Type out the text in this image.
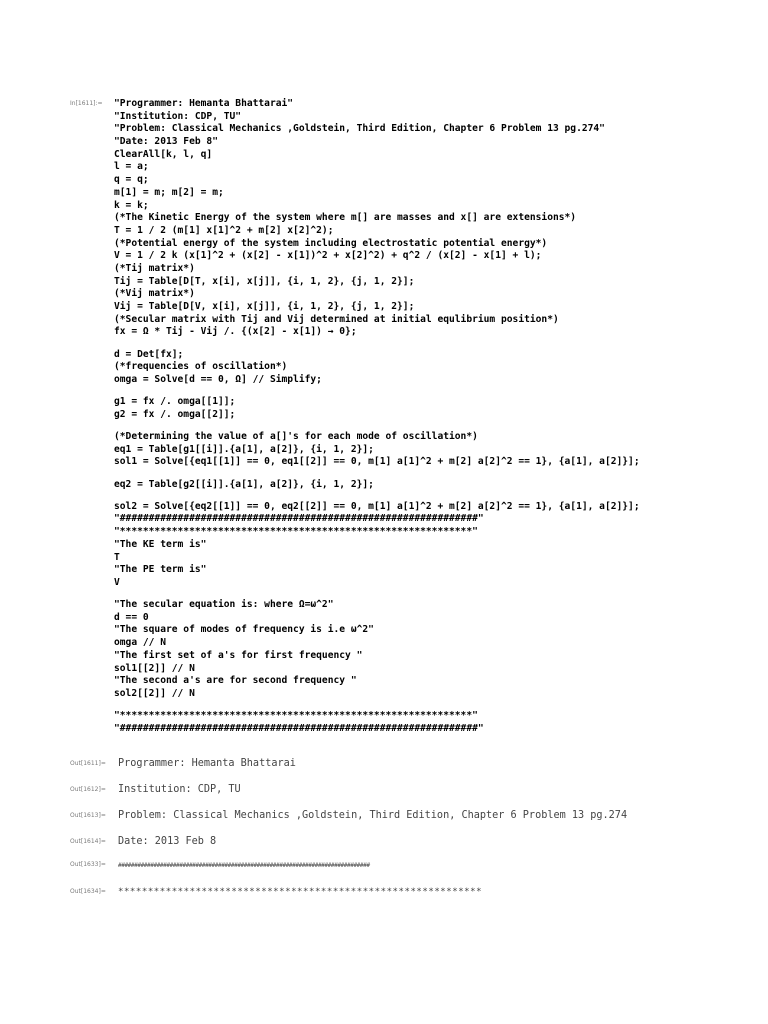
In[1611]:=	"Programmer: Hemanta Bhattarai"
"Institution: CDP, TU"
"Problem: Classical Mechanics ,Goldstein, Third Edition, Chapter 6 Problem 13 pg.274"
"Date: 2013 Feb 8"
ClearAll[k, l, q]
l = a;
q = q;
m[1] = m; m[2] = m;
k = k;
(*The Kinetic Energy of the system where m[] are masses and x[] are extensions*)
T = 1 / 2 (m[1] x[1]^2 + m[2] x[2]^2);
(*Potential energy of the system including electrostatic potential energy*)
V = 1 / 2 k (x[1]^2 + (x[2] - x[1])^2 + x[2]^2) + q^2 / (x[2] - x[1] + l);
(*Tij matrix*)
Tij = Table[D[T, x[i], x[j]], {i, 1, 2}, {j, 1, 2}];
(*Vij matrix*)
Vij = Table[D[V, x[i], x[j]], {i, 1, 2}, {j, 1, 2}];
(*Secular matrix with Tij and Vij determined at initial equlibrium position*)
fx = Ω * Tij - Vij /. {(x[2] - x[1]) → 0};
d = Det[fx];
(*frequencies of oscillation*)
omga = Solve[d == 0, Ω] // Simplify;
g1 = fx /. omga[[1]];
g2 = fx /. omga[[2]];
(*Determining the value of a[]'s for each mode of oscillation*)
eq1 = Table[g1[[i]].{a[1], a[2]}, {i, 1, 2}];
sol1 = Solve[{eq1[[1]] == 0, eq1[[2]] == 0, m[1] a[1]^2 + m[2] a[2]^2 == 1}, {a[1], a[2]}];
eq2 = Table[g2[[i]].{a[1], a[2]}, {i, 1, 2}];
sol2 = Solve[{eq2[[1]] == 0, eq2[[2]] == 0, m[1] a[1]^2 + m[2] a[2]^2 == 1}, {a[1], a[2]}];
"##############################################################"
"*************************************************************"
"The KE term is"
T
"The PE term is"
V
"The secular equation is: where Ω=ω^2"
d == 0
"The square of modes of frequency is i.e ω^2"
omga // N
"The first set of a's for first frequency "
sol1[[2]] // N
"The second a's are for second frequency "
sol2[[2]] // N
"*************************************************************"
"##############################################################"
Out[1611]= Programmer: Hemanta Bhattarai
Out[1612]= Institution: CDP, TU
Out[1613]= Problem: Classical Mechanics ,Goldstein, Third Edition, Chapter 6 Problem 13 pg.274
Out[1614]= Date: 2013 Feb 8
Out[1633]= ##############################################################################
Out[1634]= *************************************************************
